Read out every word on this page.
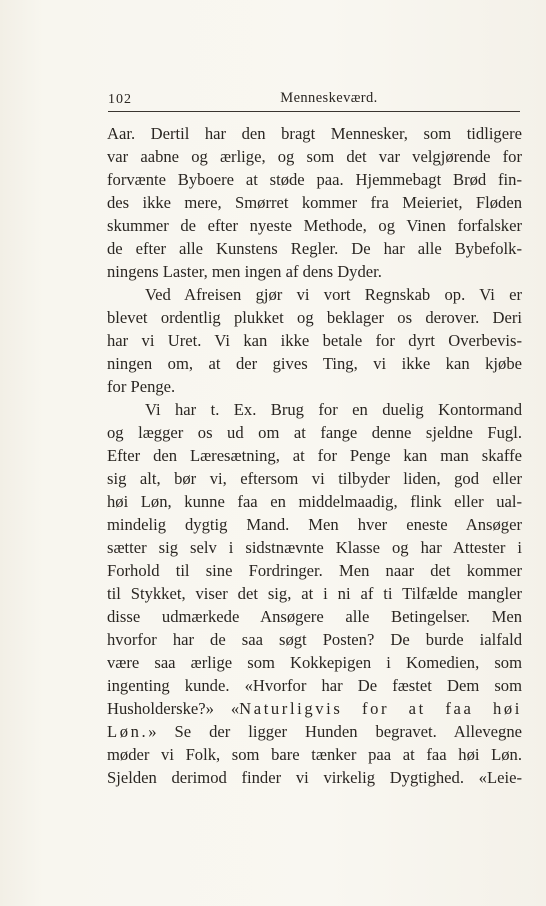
102	Menneskeværd.
Aar. Dertil har den bragt Mennesker, som tidligere
var aabne og ærlige, og som det var velgjørende for
forvænte Byboere at støde paa. Hjemmebagt Brød fin-
des ikke mere, Smørret kommer fra Meieriet, Fløden
skummer de efter nyeste Methode, og Vinen forfalsker
de efter alle Kunstens Regler. De har alle Bybefolk-
ningens Laster, men ingen af dens Dyder.
Ved Afreisen gjør vi vort Regnskab op. Vi er
blevet ordentlig plukket og beklager os derover. Deri
har vi Uret. Vi kan ikke betale for dyrt Overbevis-
ningen om, at der gives Ting, vi ikke kan kjøbe
for Penge.
Vi har t. Ex. Brug for en duelig Kontormand
og lægger os ud om at fange denne sjeldne Fugl.
Efter den Læresætning, at for Penge kan man skaffe
sig alt, bør vi, eftersom vi tilbyder liden, god eller
høi Løn, kunne faa en middelmaadig, flink eller ual-
mindelig dygtig Mand. Men hver eneste Ansøger
sætter sig selv i sidstnævnte Klasse og har Attester i
Forhold til sine Fordringer. Men naar det kommer
til Stykket, viser det sig, at i ni af ti Tilfælde mangler
disse udmærkede Ansøgere alle Betingelser. Men
hvorfor har de saa søgt Posten? De burde ialfald
være saa ærlige som Kokkepigen i Komedien, som
ingenting kunde. «Hvorfor har De fæstet Dem som
Husholderske?» «Naturligvis for at faa høi
Løn.» Se der ligger Hunden begravet. Allevegne
møder vi Folk, som bare tænker paa at faa høi Løn.
Sjelden derimod finder vi virkelig Dygtighed. «Leie-
